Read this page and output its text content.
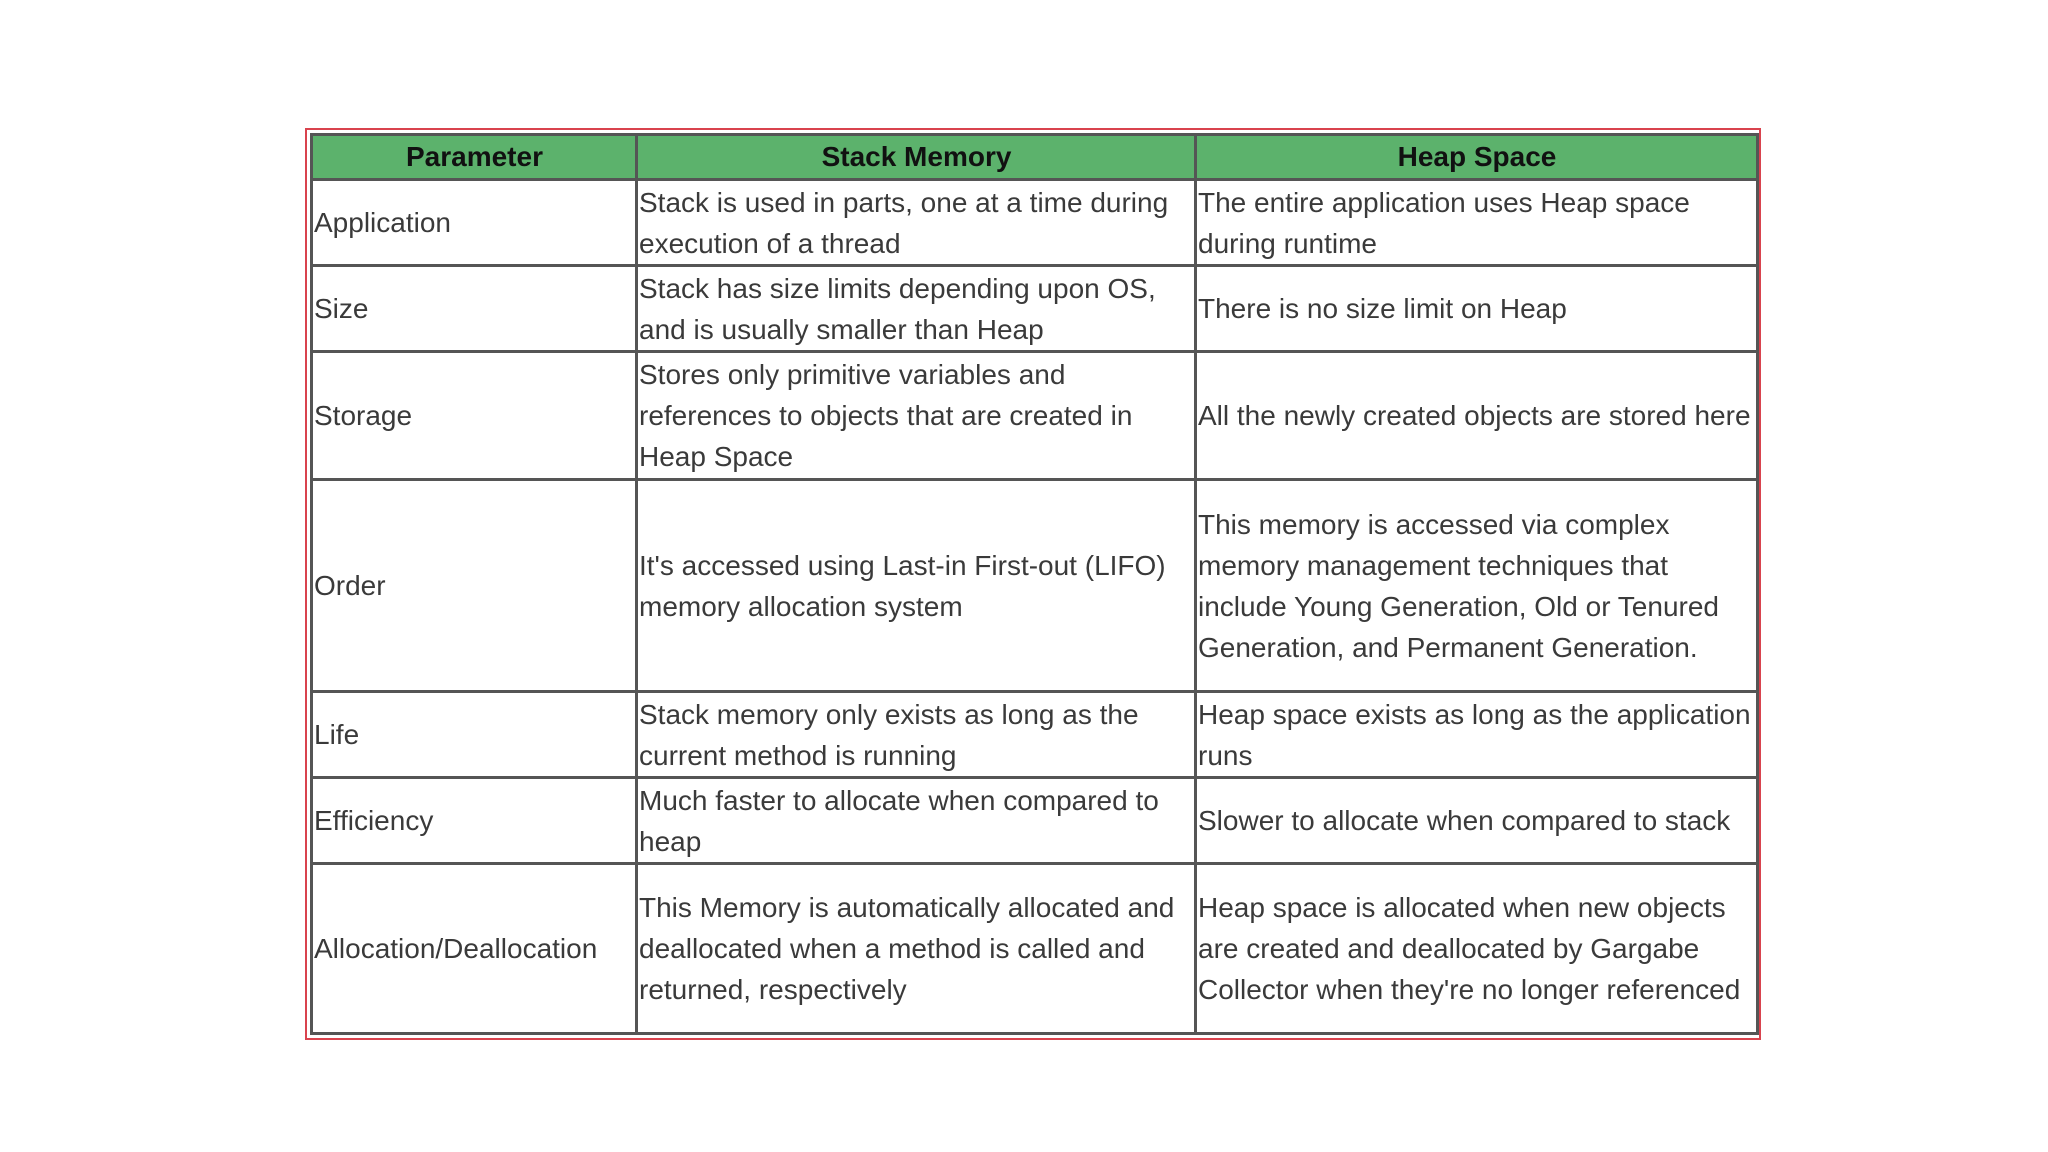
Parameter	Stack Memory	Heap Space
Application	Stack is used in parts, one at a time during execution of a thread	The entire application uses Heap space during runtime
Size	Stack has size limits depending upon OS, and is usually smaller than Heap	There is no size limit on Heap
Storage	Stores only primitive variables and references to objects that are created in Heap Space	All the newly created objects are stored here
Order	It's accessed using Last-in First-out (LIFO) memory allocation system	This memory is accessed via complex memory management techniques that include Young Generation, Old or Tenured Generation, and Permanent Generation.
Life	Stack memory only exists as long as the current method is running	Heap space exists as long as the application runs
Efficiency	Much faster to allocate when compared to heap	Slower to allocate when compared to stack
Allocation/Deallocation	This Memory is automatically allocated and deallocated when a method is called and returned, respectively	Heap space is allocated when new objects are created and deallocated by Gargabe Collector when they're no longer referenced
